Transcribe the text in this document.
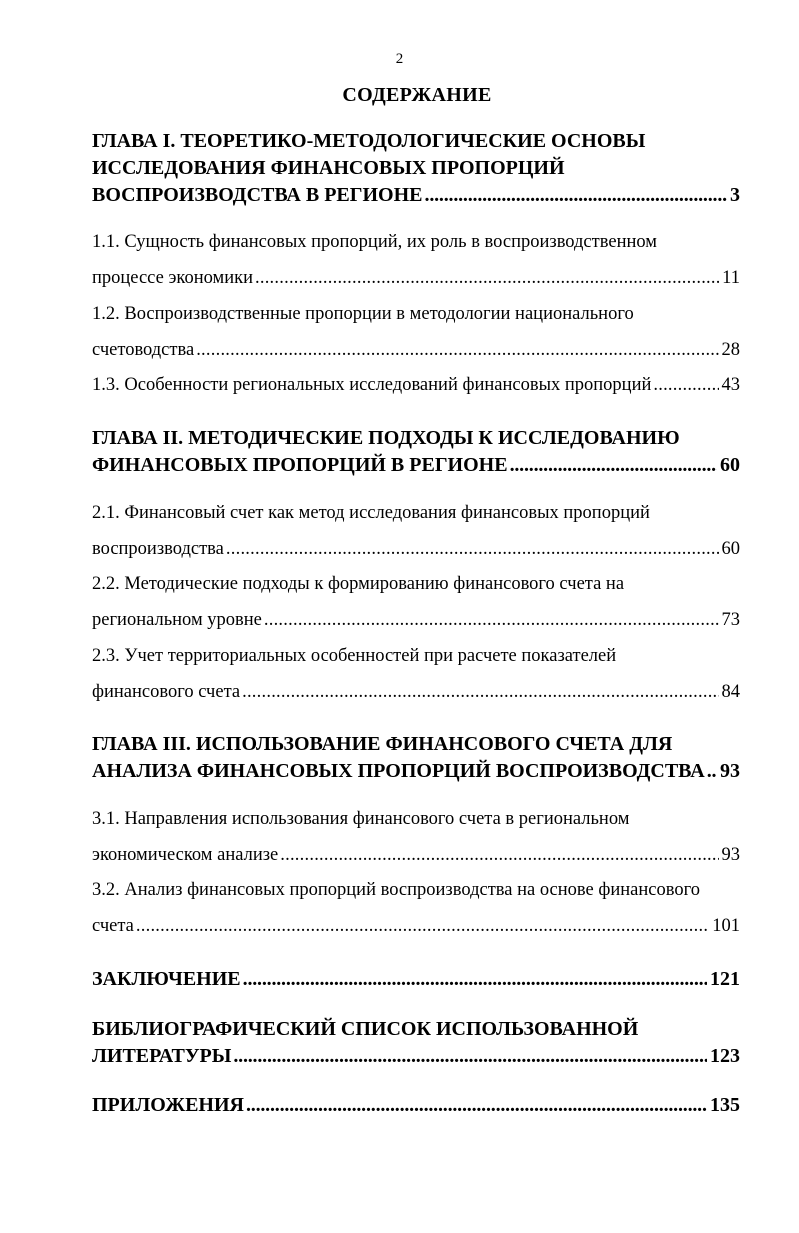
2
СОДЕРЖАНИЕ
ГЛАВА I. ТЕОРЕТИКО-МЕТОДОЛОГИЧЕСКИЕ ОСНОВЫ
ИССЛЕДОВАНИЯ ФИНАНСОВЫХ ПРОПОРЦИЙ
ВОСПРОИЗВОДСТВА В РЕГИОНЕ . . .	3
1.1. Сущность финансовых пропорций, их роль в воспроизводственном
процессе экономики . . .	11
1.2. Воспроизводственные пропорции в методологии национального
счетоводства . . .	28
1.3. Особенности региональных исследований финансовых пропорций . . .	43
ГЛАВА II. МЕТОДИЧЕСКИЕ ПОДХОДЫ К ИССЛЕДОВАНИЮ
ФИНАНСОВЫХ ПРОПОРЦИЙ В РЕГИОНЕ . . .	60
2.1. Финансовый счет как метод исследования финансовых пропорций
воспроизводства . . .	60
2.2. Методические подходы к формированию финансового счета на
региональном уровне . . .	73
2.3. Учет территориальных особенностей при расчете показателей
финансового счета . . .	84
ГЛАВА III. ИСПОЛЬЗОВАНИЕ ФИНАНСОВОГО СЧЕТА ДЛЯ
АНАЛИЗА ФИНАНСОВЫХ ПРОПОРЦИЙ ВОСПРОИЗВОДСТВА . . . 93
3.1. Направления использования финансового счета в региональном
экономическом анализе . . .	93
3.2. Анализ финансовых пропорций воспроизводства на основе финансового
счета . . .	101
ЗАКЛЮЧЕНИЕ . . .	121
БИБЛИОГРАФИЧЕСКИЙ СПИСОК ИСПОЛЬЗОВАННОЙ
ЛИТЕРАТУРЫ . . .	123
ПРИЛОЖЕНИЯ . . .	135
